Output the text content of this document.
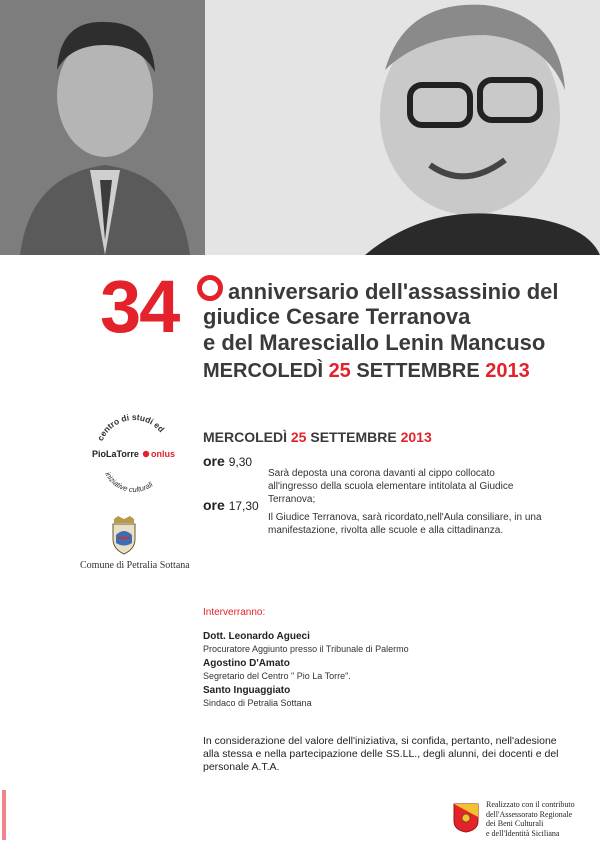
34 anniversario dell'assassinio del
giudice Cesare Terranova
e del Maresciallo Lenin Mancuso
MERCOLEDÌ 25 SETTEMBRE 2013
centro di studi ed
PioLaTorre onlus
iniziative culturali
Comune di Petralia Sottana
MERCOLEDÌ 25 SETTEMBRE 2013
ore 9,30
Sarà deposta una corona davanti al cippo collocato all'ingresso della scuola elementare intitolata al Giudice Terranova;
ore 17,30
Il Giudice Terranova, sarà ricordato,nell'Aula consiliare, in una manifestazione, rivolta alle scuole e alla cittadinanza.
Interverranno:
Dott. Leonardo Agueci
Procuratore Aggiunto presso il Tribunale di Palermo
Agostino D'Amato
Segretario del Centro " Pio La Torre".
Santo Inguaggiato
Sindaco di Petralia Sottana
In considerazione del valore dell'iniziativa, si confida, pertanto, nell'adesione alla stessa e nella partecipazione delle SS.LL., degli alunni, dei docenti e del personale A.T.A.
Realizzato con il contributo
dell'Assessorato Regionale
dei Beni Culturali
e dell'Identità Siciliana
